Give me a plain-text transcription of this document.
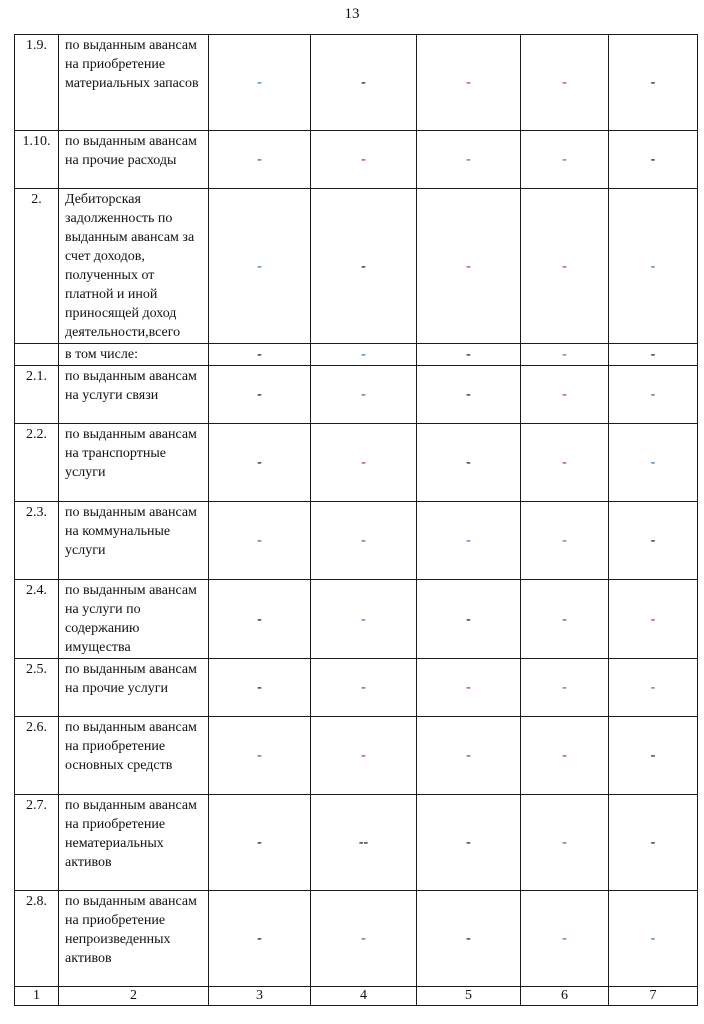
13
1.9.	по выданным авансам на приобретение материальных запасов	-	-	-	-	-
1.10.	по выданным авансам на прочие расходы	-	-	-	-	-
2.	Дебиторская задолженность по выданным авансам за счет доходов, полученных от платной и иной приносящей доход деятельности,всего	-	-	-	-	-
	в том числе:	-	-	-	-	-
2.1.	по выданным авансам на услуги связи	-	-	-	-	-
2.2.	по выданным авансам на транспортные услуги	-	-	-	-	-
2.3.	по выданным авансам на коммунальные услуги	-	-	-	-	-
2.4.	по выданным авансам на услуги по содержанию имущества	-	-	-	-	-
2.5.	по выданным авансам на прочие услуги	-	-	-	-	-
2.6.	по выданным авансам на приобретение основных средств	-	-	-	-	-
2.7.	по выданным авансам на приобретение нематериальных активов	-	--	-	-	-
2.8.	по выданным авансам на приобретение непроизведенных активов	-	-	-	-	-
1	2	3	4	5	6	7
